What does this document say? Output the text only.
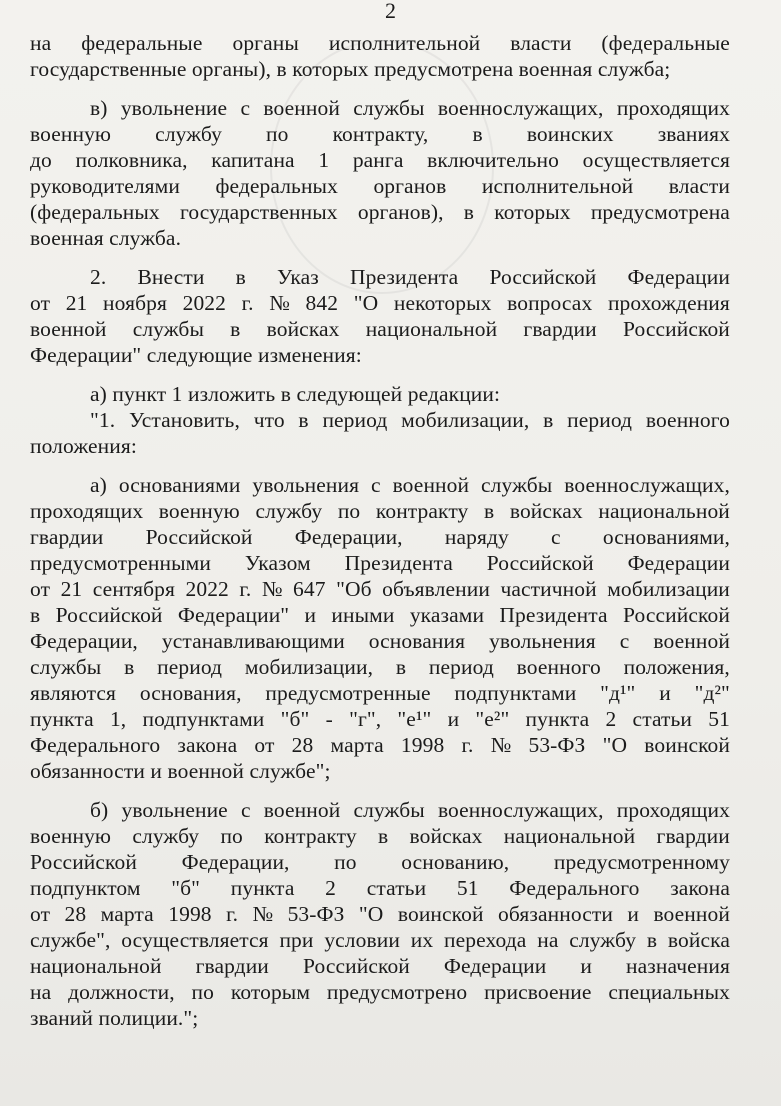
2
на федеральные органы исполнительной власти (федеральные
государственные органы), в которых предусмотрена военная служба;
в) увольнение с военной службы военнослужащих, проходящих
военную службу по контракту, в воинских званиях
до полковника, капитана 1 ранга включительно осуществляется
руководителями федеральных органов исполнительной власти
(федеральных государственных органов), в которых предусмотрена
военная служба.
2. Внести в Указ Президента Российской Федерации
от 21 ноября 2022 г. № 842 "О некоторых вопросах прохождения
военной службы в войсках национальной гвардии Российской
Федерации" следующие изменения:
а) пункт 1 изложить в следующей редакции:
"1. Установить, что в период мобилизации, в период военного
положения:
а) основаниями увольнения с военной службы военнослужащих,
проходящих военную службу по контракту в войсках национальной
гвардии Российской Федерации, наряду с основаниями,
предусмотренными Указом Президента Российской Федерации
от 21 сентября 2022 г. № 647 "Об объявлении частичной мобилизации
в Российской Федерации" и иными указами Президента Российской
Федерации, устанавливающими основания увольнения с военной
службы в период мобилизации, в период военного положения,
являются основания, предусмотренные подпунктами "д¹" и "д²"
пункта 1, подпунктами "б" - "г", "е¹" и "е²" пункта 2 статьи 51
Федерального закона от 28 марта 1998 г. № 53-ФЗ "О воинской
обязанности и военной службе";
б) увольнение с военной службы военнослужащих, проходящих
военную службу по контракту в войсках национальной гвардии
Российской Федерации, по основанию, предусмотренному
подпунктом "б" пункта 2 статьи 51 Федерального закона
от 28 марта 1998 г. № 53-ФЗ "О воинской обязанности и военной
службе", осуществляется при условии их перехода на службу в войска
национальной гвардии Российской Федерации и назначения
на должности, по которым предусмотрено присвоение специальных
званий полиции.";
